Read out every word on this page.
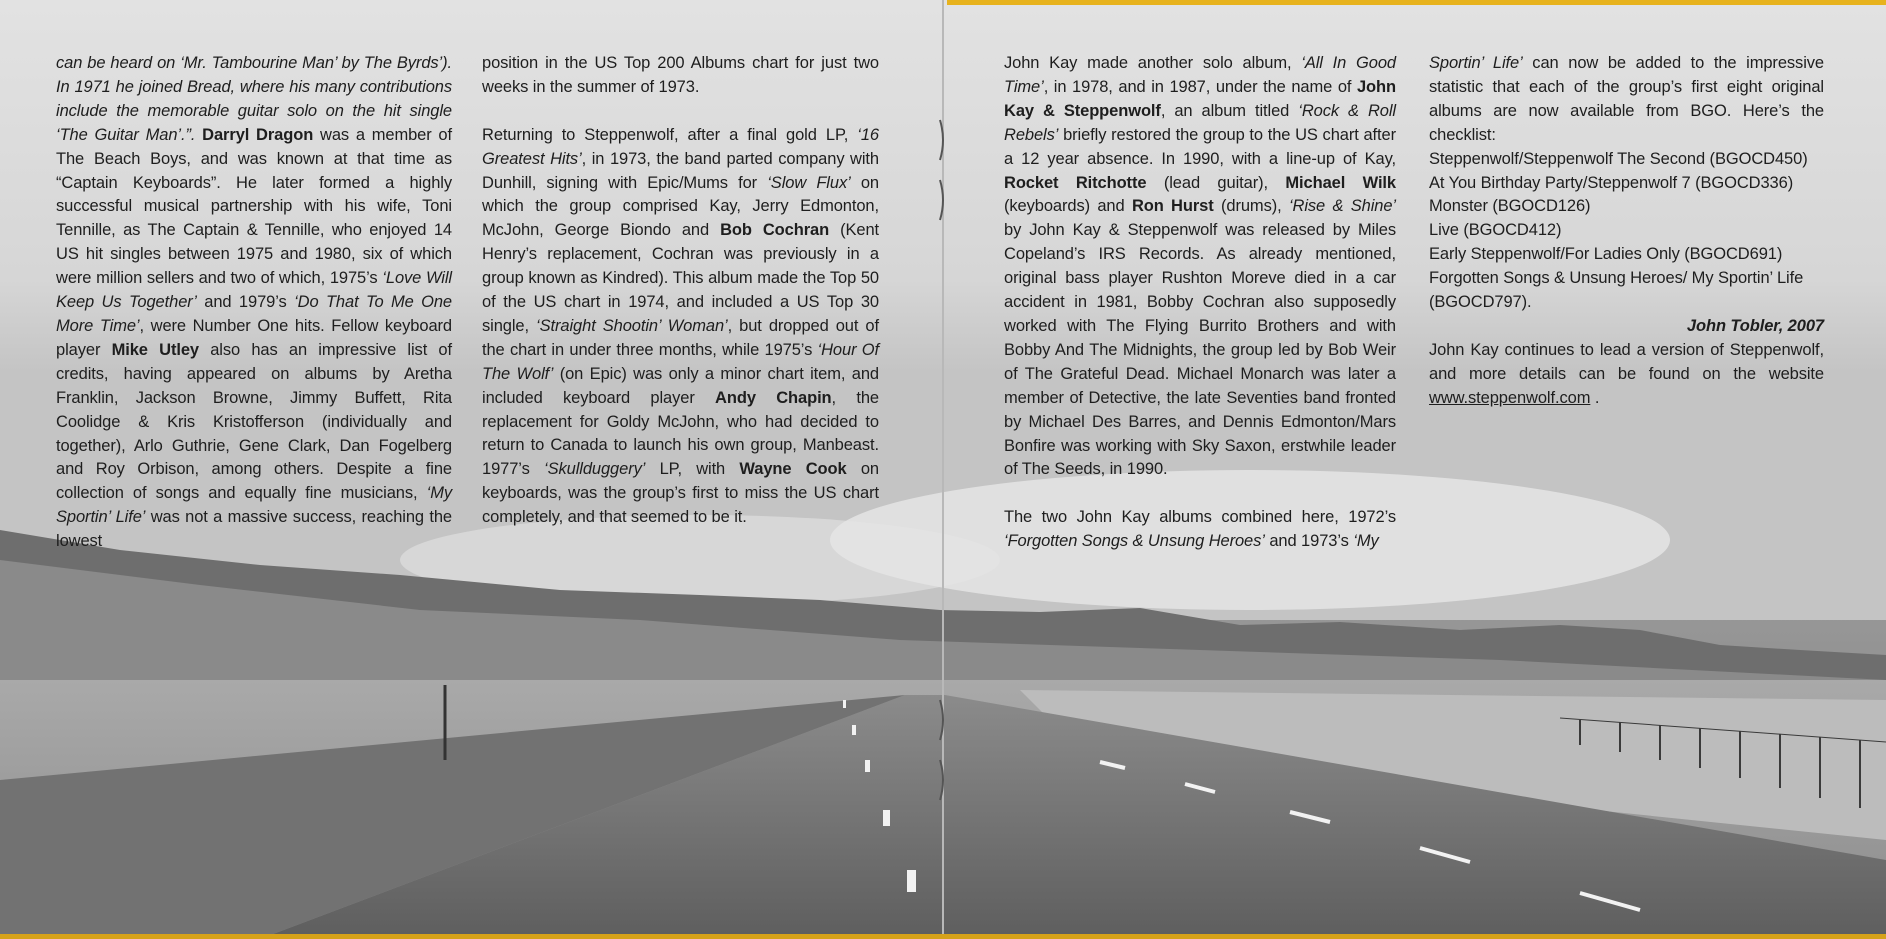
can be heard on ‘Mr. Tambourine Man’ by The Byrds’). In 1971 he joined Bread, where his many contributions include the memorable guitar solo on the hit single ‘The Guitar Man’.”. Darryl Dragon was a member of The Beach Boys, and was known at that time as “Captain Keyboards”. He later formed a highly successful musical partnership with his wife, Toni Tennille, as The Captain & Tennille, who enjoyed 14 US hit singles between 1975 and 1980, six of which were million sellers and two of which, 1975’s ‘Love Will Keep Us Together’ and 1979’s ‘Do That To Me One More Time’, were Number One hits. Fellow keyboard player Mike Utley also has an impressive list of credits, having appeared on albums by Aretha Franklin, Jackson Browne, Jimmy Buffett, Rita Coolidge & Kris Kristofferson (individually and together), Arlo Guthrie, Gene Clark, Dan Fogelberg and Roy Orbison, among others. Despite a fine collection of songs and equally fine musicians, ‘My Sportin’ Life’ was not a massive success, reaching the lowest

position in the US Top 200 Albums chart for just two weeks in the summer of 1973.

Returning to Steppenwolf, after a final gold LP, ‘16 Greatest Hits’, in 1973, the band parted company with Dunhill, signing with Epic/Mums for ‘Slow Flux’ on which the group comprised Kay, Jerry Edmonton, McJohn, George Biondo and Bob Cochran (Kent Henry’s replacement, Cochran was previously in a group known as Kindred). This album made the Top 50 of the US chart in 1974, and included a US Top 30 single, ‘Straight Shootin’ Woman’, but dropped out of the chart in under three months, while 1975’s ‘Hour Of The Wolf’ (on Epic) was only a minor chart item, and included keyboard player Andy Chapin, the replacement for Goldy McJohn, who had decided to return to Canada to launch his own group, Manbeast. 1977’s ‘Skullduggery’ LP, with Wayne Cook on keyboards, was the group’s first to miss the US chart completely, and that seemed to be it.

John Kay made another solo album, ‘All In Good Time’, in 1978, and in 1987, under the name of John Kay & Steppenwolf, an album titled ‘Rock & Roll Rebels’ briefly restored the group to the US chart after a 12 year absence. In 1990, with a line-up of Kay, Rocket Ritchotte (lead guitar), Michael Wilk (keyboards) and Ron Hurst (drums), ‘Rise & Shine’ by John Kay & Steppenwolf was released by Miles Copeland’s IRS Records. As already mentioned, original bass player Rushton Moreve died in a car accident in 1981, Bobby Cochran also supposedly worked with The Flying Burrito Brothers and with Bobby And The Midnights, the group led by Bob Weir of The Grateful Dead. Michael Monarch was later a member of Detective, the late Seventies band fronted by Michael Des Barres, and Dennis Edmonton/Mars Bonfire was working with Sky Saxon, erstwhile leader of The Seeds, in 1990.

The two John Kay albums combined here, 1972’s ‘Forgotten Songs & Unsung Heroes’ and 1973’s ‘My

Sportin’ Life’ can now be added to the impressive statistic that each of the group’s first eight original albums are now available from BGO. Here’s the checklist:

Steppenwolf/Steppenwolf The Second (BGOCD450)

At You Birthday Party/Steppenwolf 7 (BGOCD336)

Monster (BGOCD126)

Live (BGOCD412)

Early Steppenwolf/For Ladies Only (BGOCD691)

Forgotten Songs & Unsung Heroes/ My Sportin’ Life (BGOCD797).

John Tobler, 2007

John Kay continues to lead a version of Steppenwolf, and more details can be found on the website www.steppenwolf.com .
